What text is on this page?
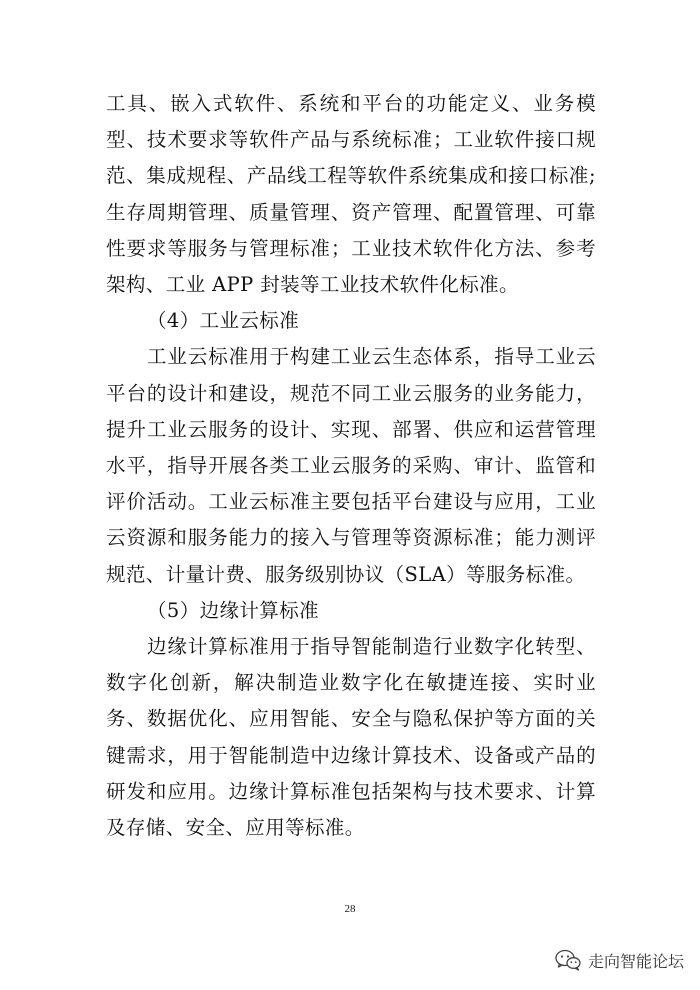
工具、嵌入式软件、系统和平台的功能定义、业务模型、技术要求等软件产品与系统标准；工业软件接口规范、集成规程、产品线工程等软件系统集成和接口标准;生存周期管理、质量管理、资产管理、配置管理、可靠性要求等服务与管理标准；工业技术软件化方法、参考架构、工业 APP 封装等工业技术软件化标准。

（4）工业云标准

工业云标准用于构建工业云生态体系，指导工业云平台的设计和建设，规范不同工业云服务的业务能力，提升工业云服务的设计、实现、部署、供应和运营管理水平，指导开展各类工业云服务的采购、审计、监管和评价活动。工业云标准主要包括平台建设与应用，工业云资源和服务能力的接入与管理等资源标准；能力测评规范、计量计费、服务级别协议（SLA）等服务标准。

（5）边缘计算标准

边缘计算标准用于指导智能制造行业数字化转型、数字化创新，解决制造业数字化在敏捷连接、实时业务、数据优化、应用智能、安全与隐私保护等方面的关键需求，用于智能制造中边缘计算技术、设备或产品的研发和应用。边缘计算标准包括架构与技术要求、计算及存储、安全、应用等标准。

28
走向智能论坛
